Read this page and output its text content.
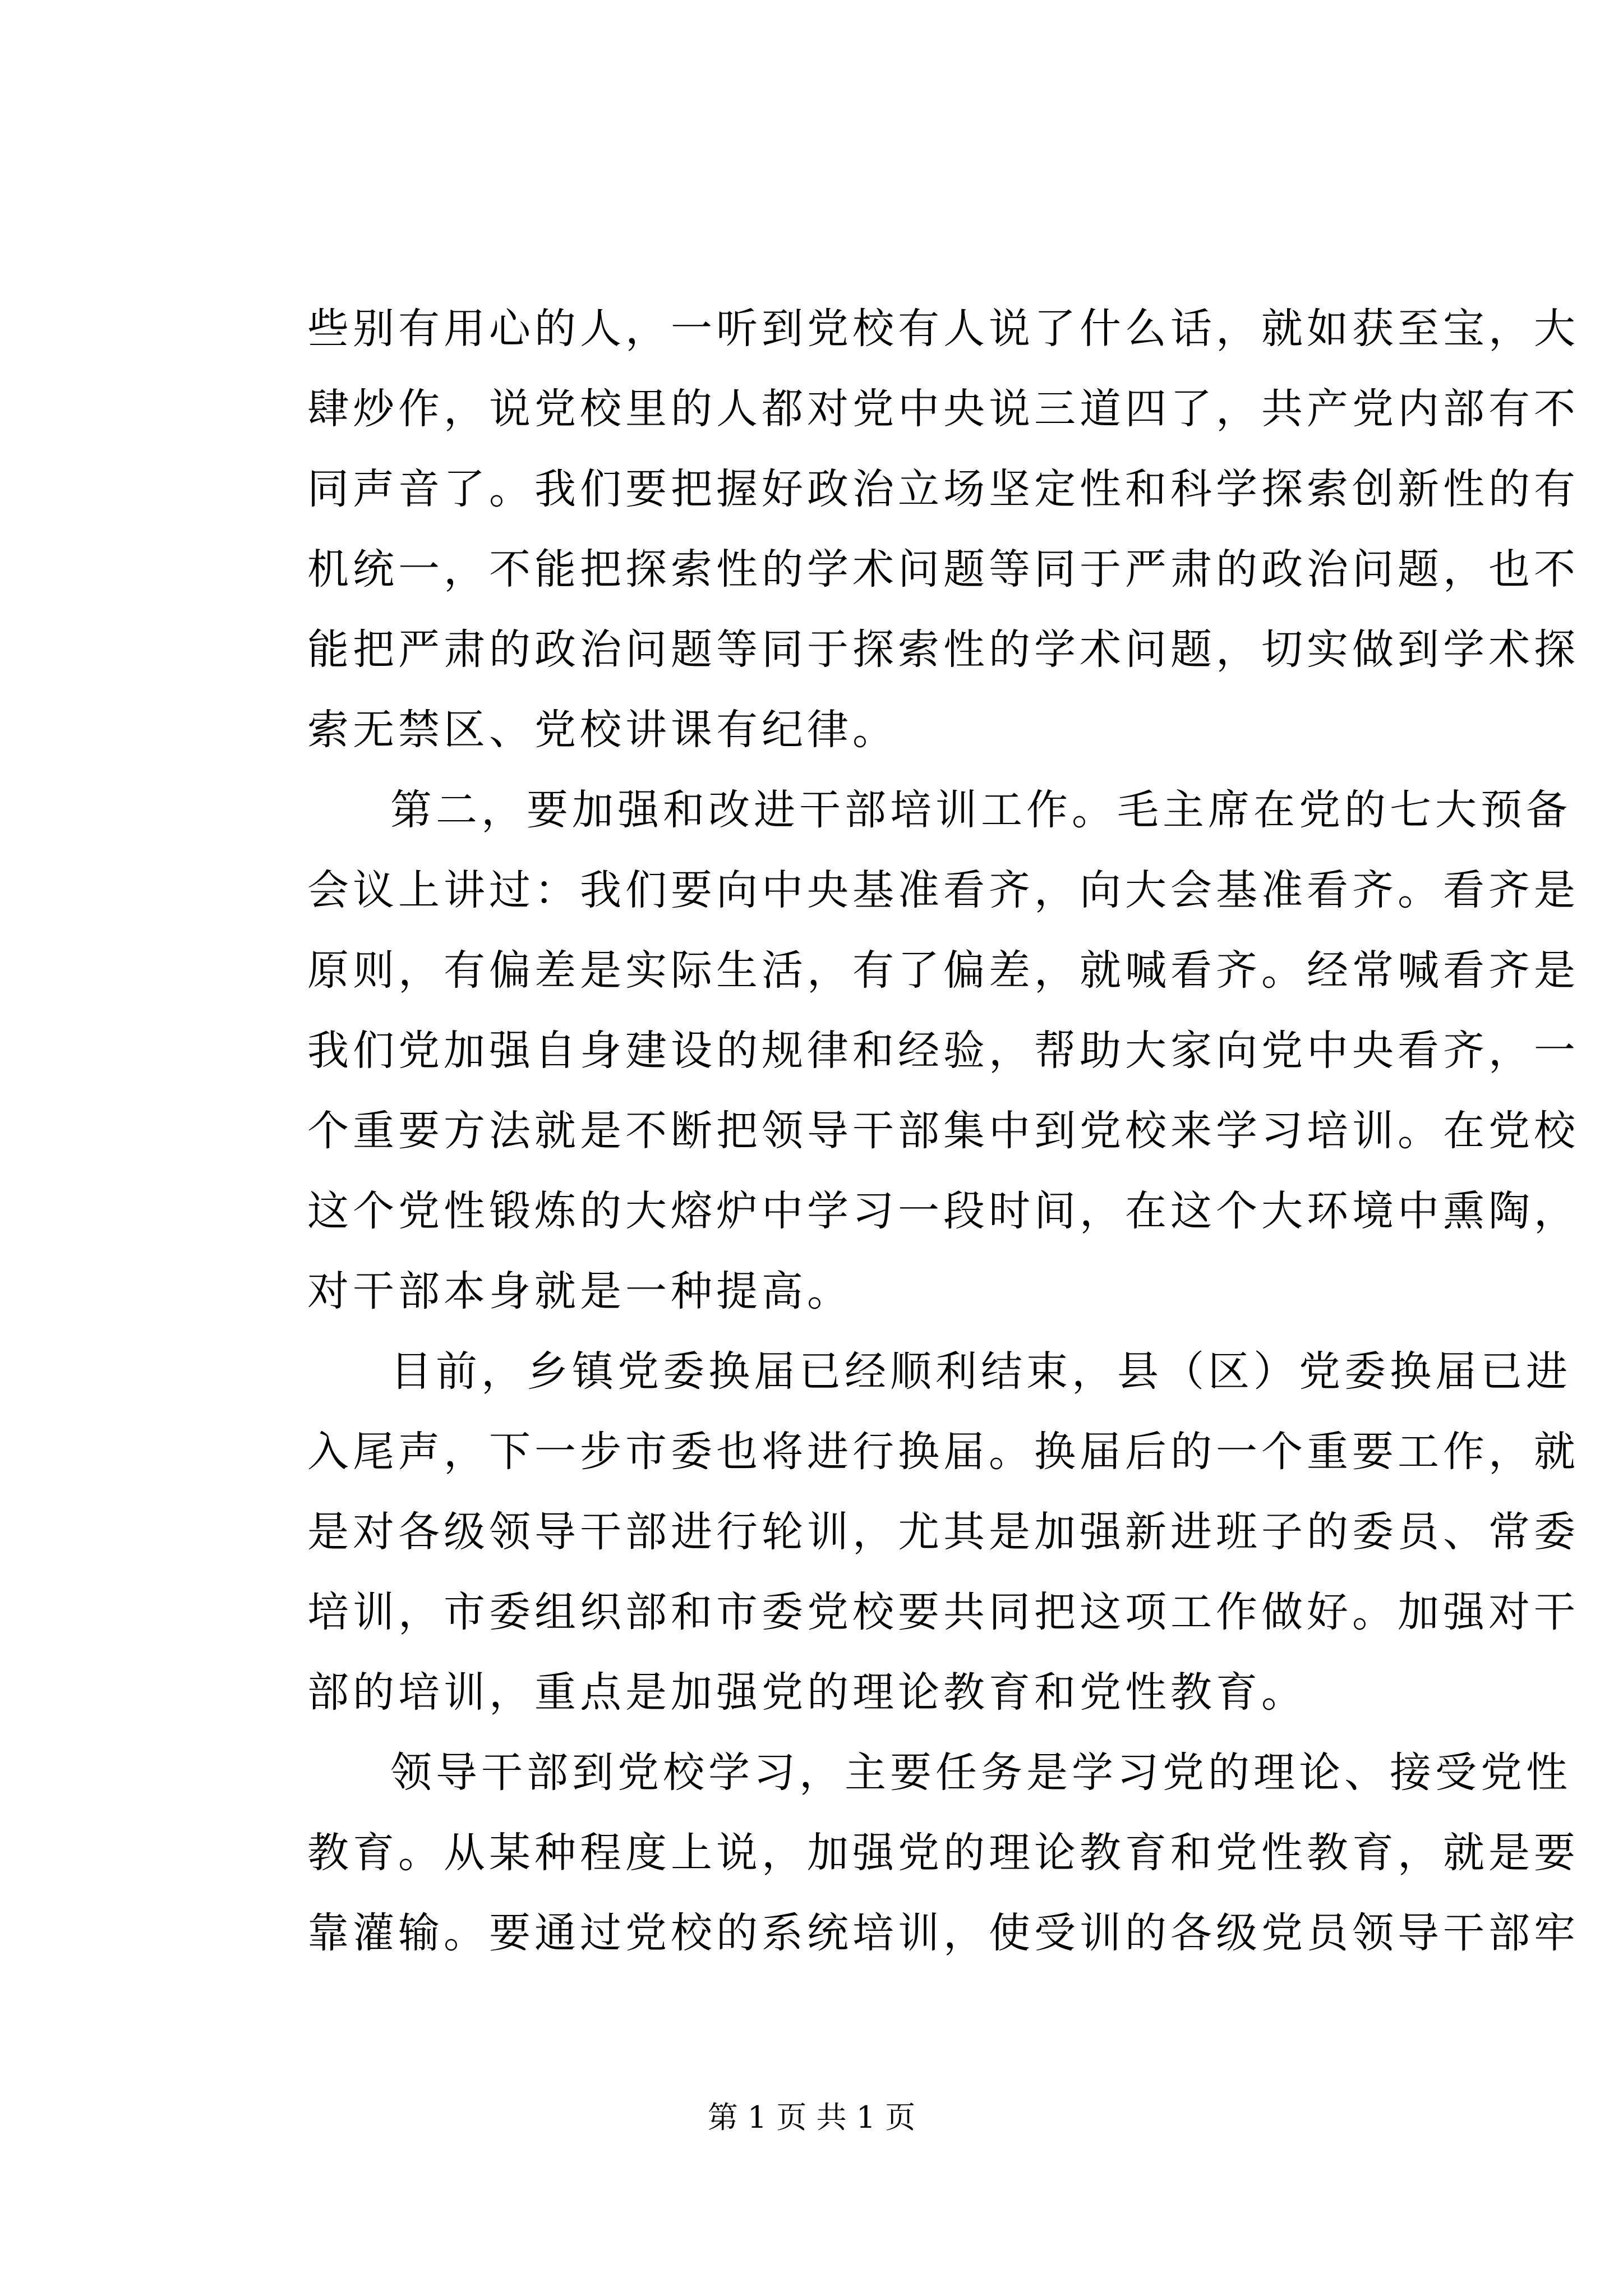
些别有用心的人，一听到党校有人说了什么话，就如获至宝，大
肆炒作，说党校里的人都对党中央说三道四了，共产党内部有不
同声音了。我们要把握好政治立场坚定性和科学探索创新性的有
机统一，不能把探索性的学术问题等同于严肃的政治问题，也不
能把严肃的政治问题等同于探索性的学术问题，切实做到学术探
索无禁区、党校讲课有纪律。
第二，要加强和改进干部培训工作。毛主席在党的七大预备
会议上讲过：我们要向中央基准看齐，向大会基准看齐。看齐是
原则，有偏差是实际生活，有了偏差，就喊看齐。经常喊看齐是
我们党加强自身建设的规律和经验，帮助大家向党中央看齐，一
个重要方法就是不断把领导干部集中到党校来学习培训。在党校
这个党性锻炼的大熔炉中学习一段时间，在这个大环境中熏陶，
对干部本身就是一种提高。
目前，乡镇党委换届已经顺利结束，县（区）党委换届已进
入尾声，下一步市委也将进行换届。换届后的一个重要工作，就
是对各级领导干部进行轮训，尤其是加强新进班子的委员、常委
培训，市委组织部和市委党校要共同把这项工作做好。加强对干
部的培训，重点是加强党的理论教育和党性教育。
领导干部到党校学习，主要任务是学习党的理论、接受党性
教育。从某种程度上说，加强党的理论教育和党性教育，就是要
靠灌输。要通过党校的系统培训，使受训的各级党员领导干部牢
第 1 页 共 1 页
